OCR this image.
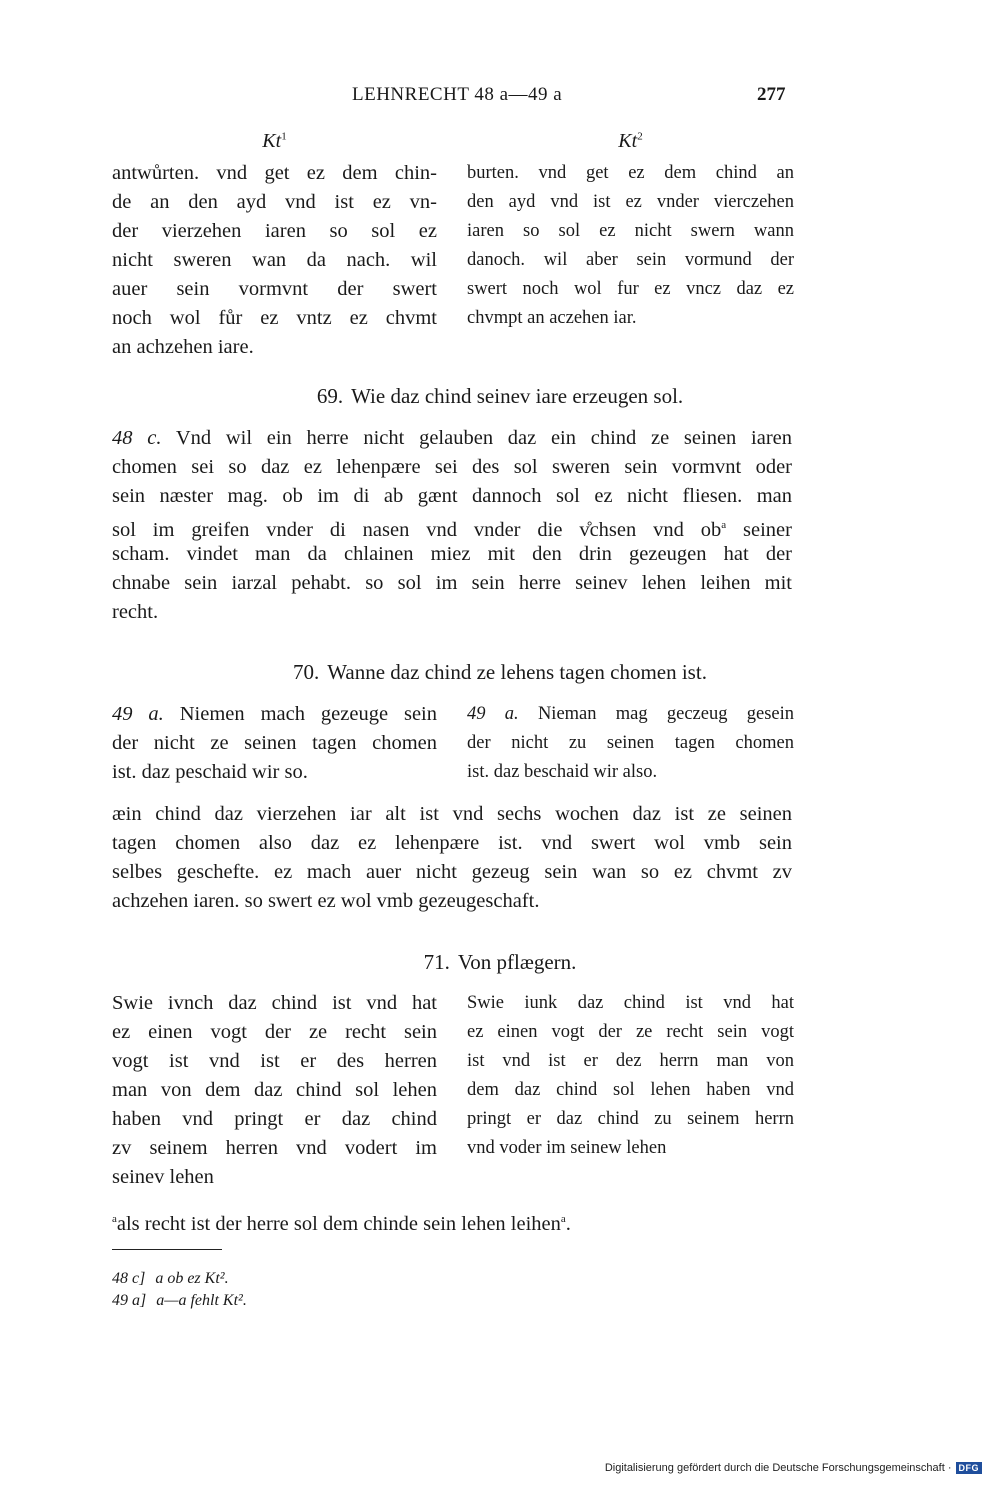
LEHNRECHT 48 a—49 a	277
Kt$^1$	Kt$^2$
antwůrten. vnd get ez dem chin-
de an den ayd vnd ist ez vn-
der vierzehen iaren so sol ez
nicht sweren wan da nach. wil
auer sein vormvnt der swert
noch wol fůr ez vntz ez chvmt
an achzehen iare.
burten. vnd get ez dem chind an
den ayd vnd ist ez vnder vierczehen
iaren so sol ez nicht swern wann
danoch. wil aber sein vormund der
swert noch wol fur ez vncz daz ez
chvmpt an aczehen iar.
69. Wie daz chind seinev iare erzeugen sol.
48 c. Vnd wil ein herre nicht gelauben daz ein chind ze seinen iaren
chomen sei so daz ez lehenpære sei des sol sweren sein vormvnt oder
sein næster mag. ob im di ab gænt dannoch sol ez nicht fliesen. man
sol im greifen vnder di nasen vnd vnder die v̊chsen vnd $ob^a$ seiner
scham. vindet man da chlainen miez mit den drin gezeugen hat der
chnabe sein iarzal pehabt. so sol im sein herre seinev lehen leihen mit
recht.
70. Wanne daz chind ze lehens tagen chomen ist.
49 a. Niemen mach gezeuge sein
der nicht ze seinen tagen chomen
ist. daz peschaid wir so.
49 a. Nieman mag geczeug gesein
der nicht zu seinen tagen chomen
ist. daz beschaid wir also.
æin chind daz vierzehen iar alt ist vnd sechs wochen daz ist ze seinen
tagen chomen also daz ez lehenpære ist. vnd swert wol vmb sein
selbes geschefte. ez mach auer nicht gezeug sein wan so ez chvmt zv
achzehen iaren. so swert ez wol vmb gezeugeschaft.
71. Von pflægern.
Swie ivnch daz chind ist vnd hat
ez einen vogt der ze recht sein
vogt ist vnd ist er des herren
man von dem daz chind sol lehen
haben vnd pringt er daz chind
zv seinem herren vnd vodert im
seinev lehen
Swie iunk daz chind ist vnd hat
ez einen vogt der ze recht sein vogt
ist vnd ist er dez herrn man von
dem daz chind sol lehen haben vnd
pringt er daz chind zu seinem herrn
vnd voder im seinew lehen
$^a$als recht ist der herre sol dem chinde sein lehen leihen$^a$.
48 c] a ob ez Kt².
49 a] a—a fehlt Kt².
Digitalisierung gefördert durch die Deutsche Forschungsgemeinschaft · DFG
